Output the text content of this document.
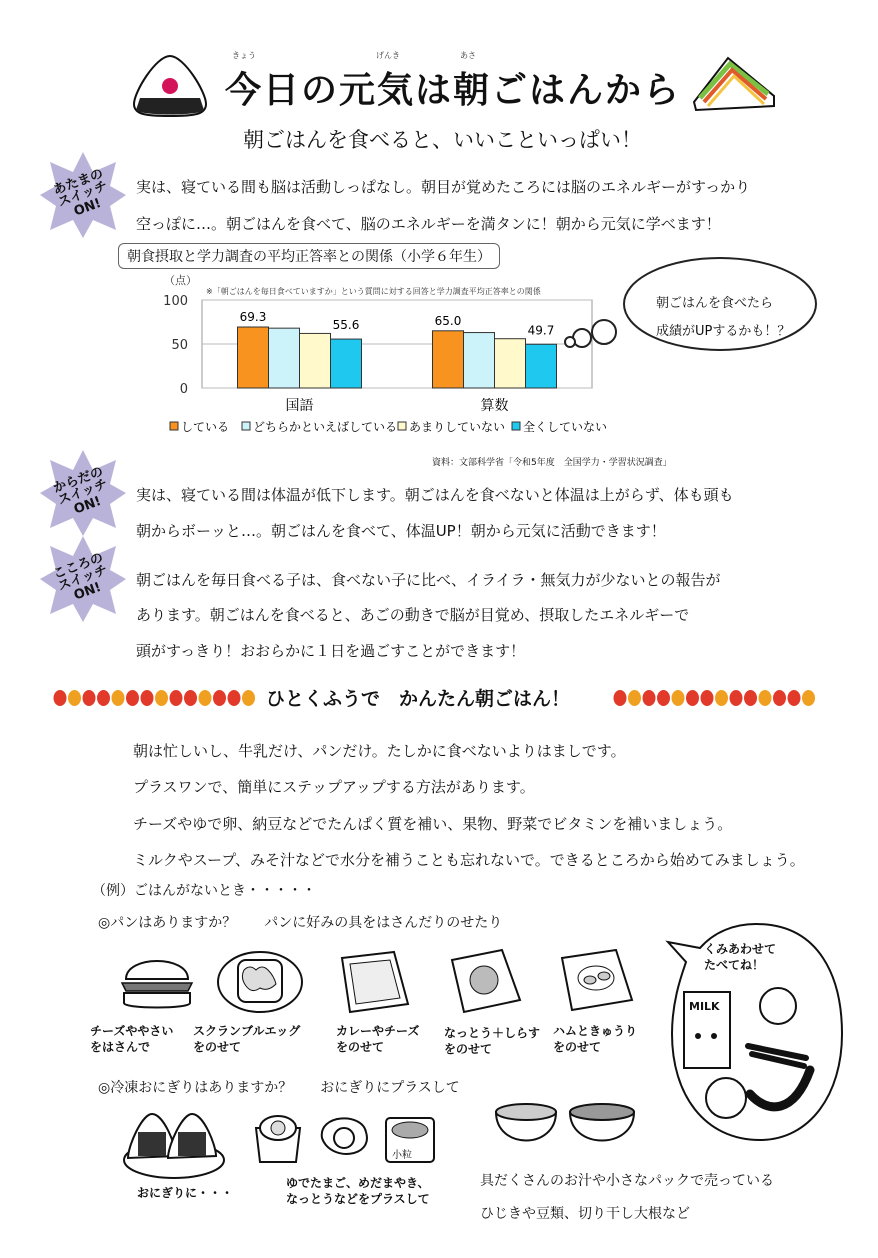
きょう	げんき	あさ
今日の元気は朝ごはんから
朝ごはんを食べると、いいこといっぱい！
あたまの
スイッチ
ON!
実は、寝ている間も脳は活動しっぱなし。朝目が覚めたころには脳のエネルギーがすっかり
空っぽに…。朝ごはんを食べて、脳のエネルギーを満タンに！朝から元気に学べます！
朝食摂取と学力調査の平均正答率との関係（小学６年生）
0
50
100
（点）
※「朝ごはんを毎日食べていますか」という質問に対する回答と学力調査平均正答率との関係
69.3
55.6
国語
65.0
49.7
算数
している どちらかといえばしている あまりしていない 全くしていない
朝ごはんを食べたら
成績がUPするかも！？
資料：文部科学省「令和5年度　全国学力・学習状況調査」
からだの
スイッチ
ON!	実は、寝ている間は体温が低下します。朝ごはんを食べないと体温は上がらず、体も頭も
朝からボーッと…。朝ごはんを食べて、体温UP！朝から元気に活動できます！
こころの
スイッチ
ON!	朝ごはんを毎日食べる子は、食べない子に比べ、イライラ・無気力が少ないとの報告が
あります。朝ごはんを食べると、あごの動きで脳が目覚め、摂取したエネルギーで
頭がすっきり！おおらかに１日を過ごすことができます！
ひとくふうで　かんたん朝ごはん！
朝は忙しいし、牛乳だけ、パンだけ。たしかに食べないよりはましです。
プラスワンで、簡単にステップアップする方法があります。
チーズやゆで卵、納豆などでたんぱく質を補い、果物、野菜でビタミンを補いましょう。
ミルクやスープ、みそ汁などで水分を補うことも忘れないで。できるところから始めてみましょう。
（例）ごはんがないとき・・・・・
◎パンはありますか？　　パンに好みの具をはさんだりのせたり
チーズややさい
をはさんで
スクランブルエッグ
をのせて
カレーやチーズ
をのせて
なっとう＋しらす
をのせて
ハムときゅうり
をのせて
くみあわせて
たべてね！
MILK
◎冷凍おにぎりはありますか？　　おにぎりにプラスして
小粒
おにぎりに・・・
ゆでたまご、めだまやき、
なっとうなどをプラスして
具だくさんのお汁や小さなパックで売っている
ひじきや豆類、切り干し大根など
